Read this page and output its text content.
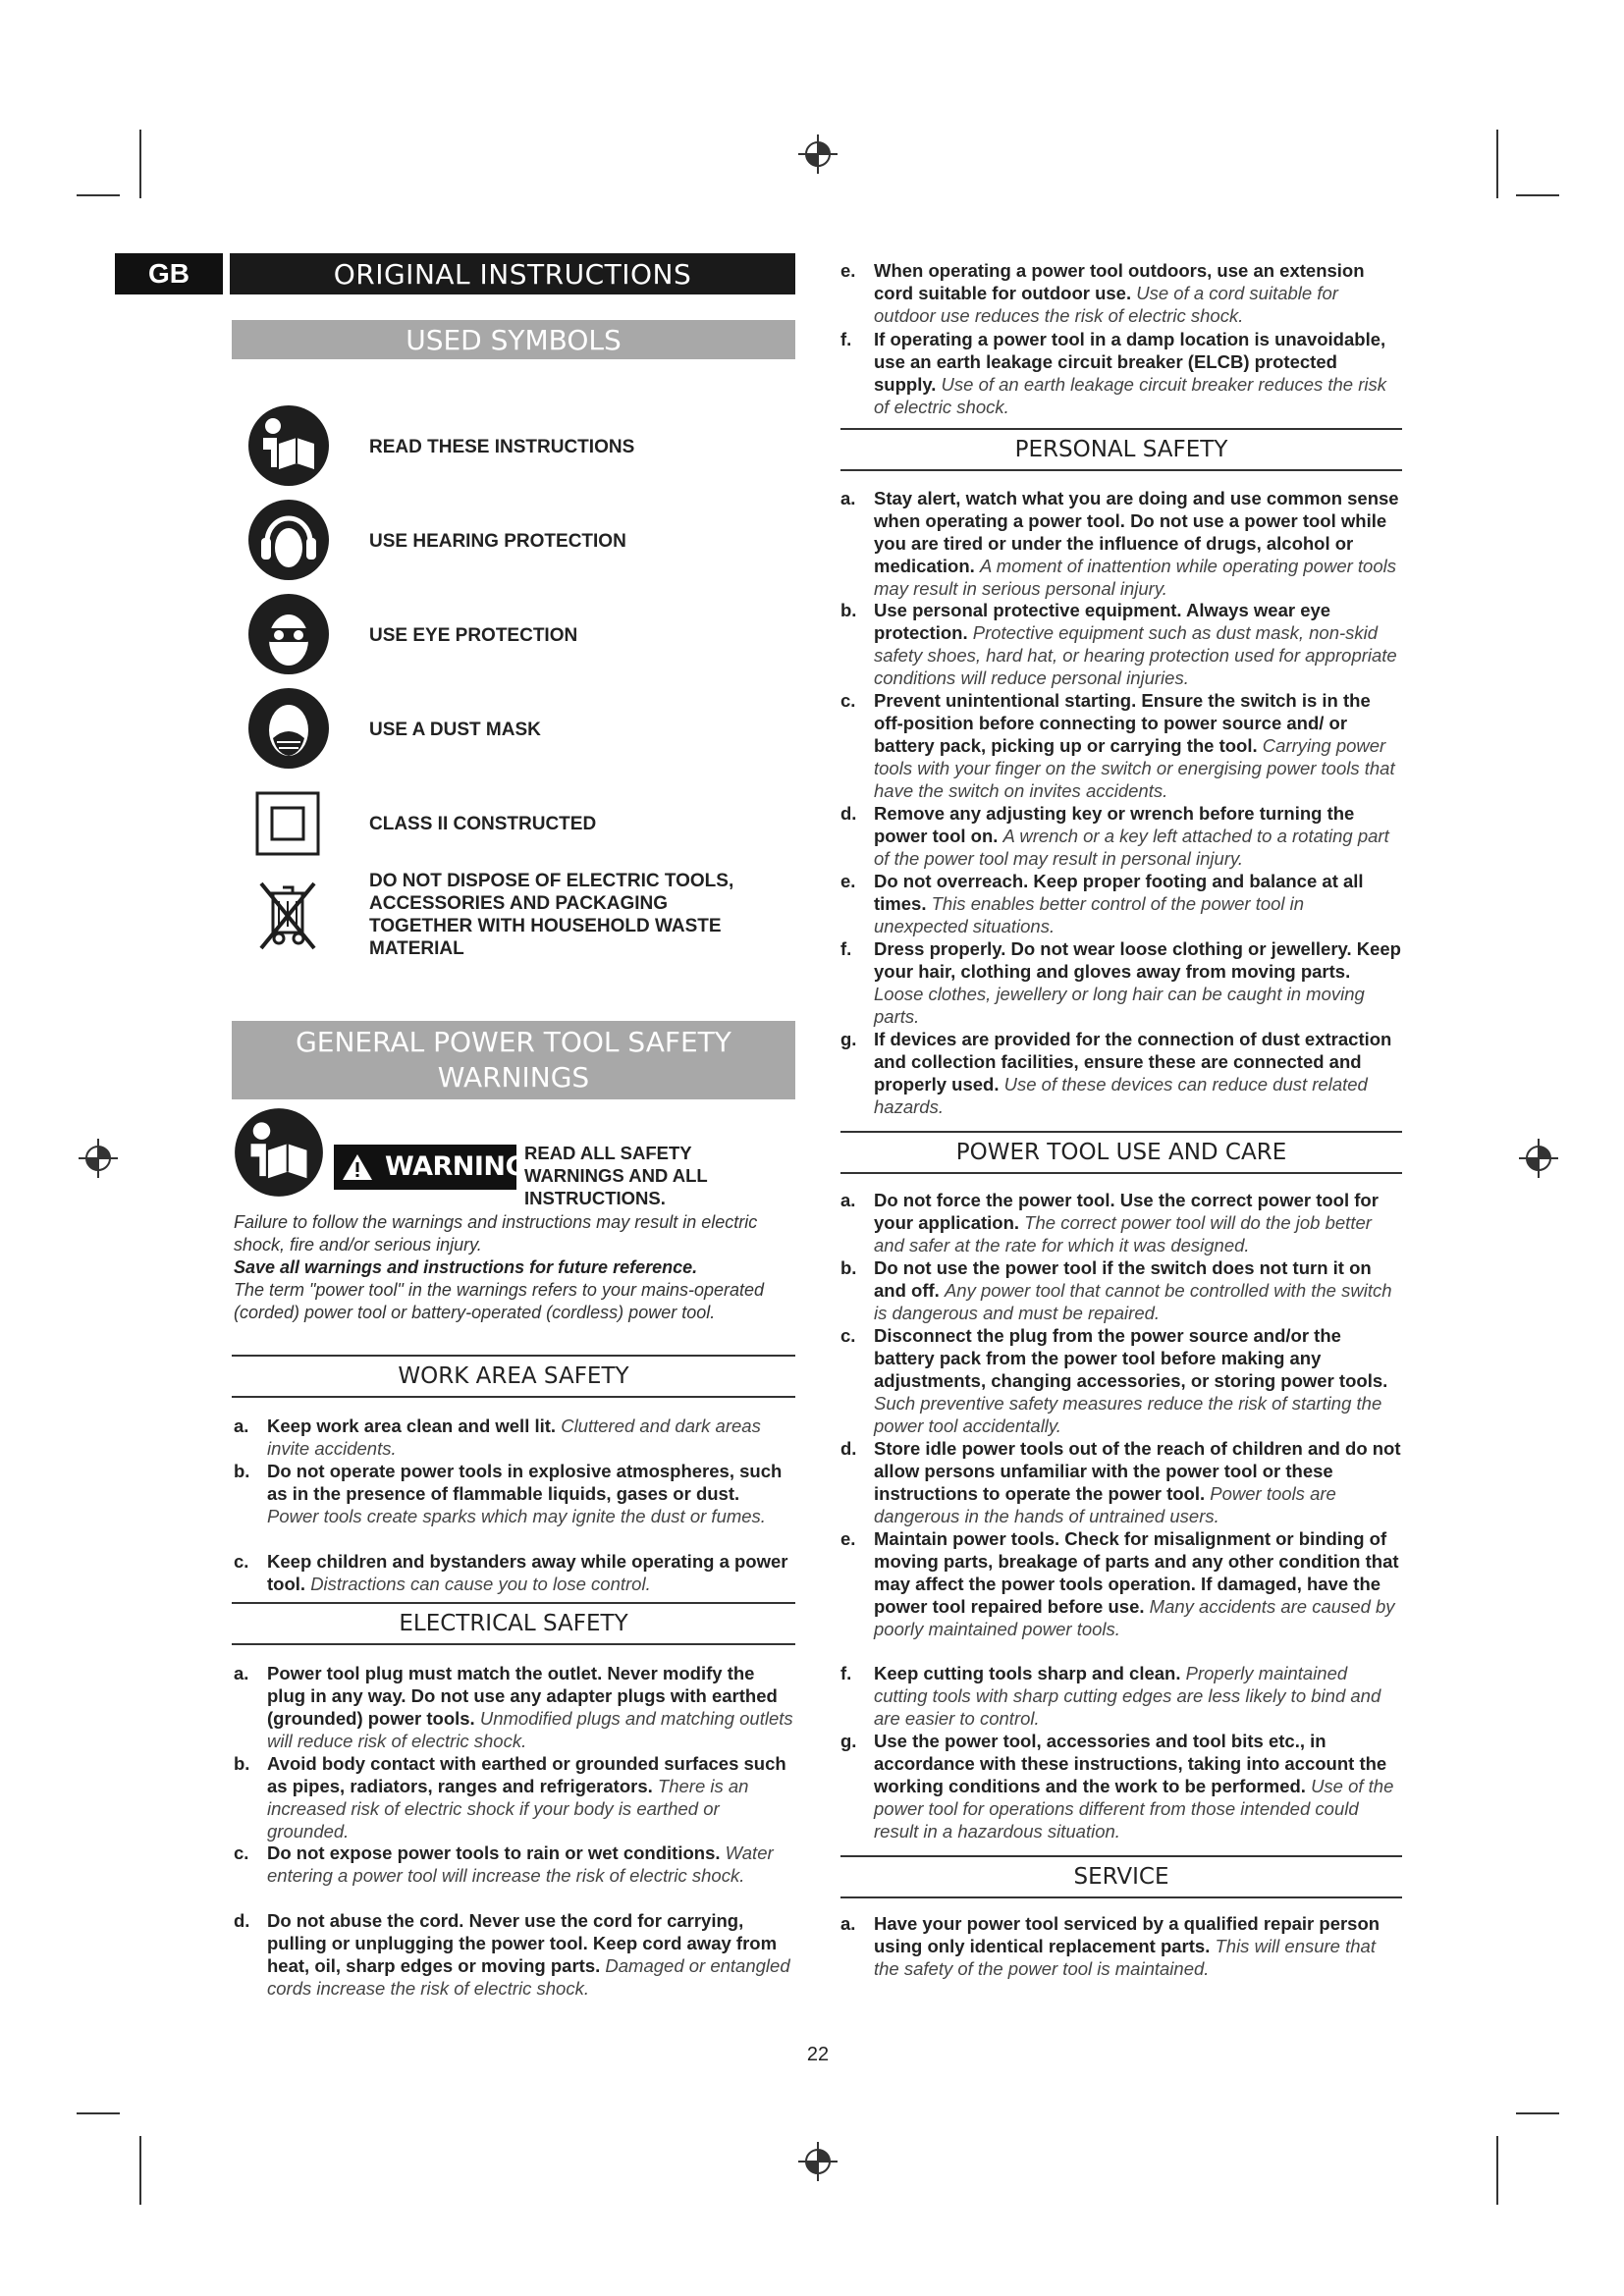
GB	ORIGINAL INSTRUCTIONS
USED SYMBOLS
READ THESE INSTRUCTIONS
USE HEARING PROTECTION
USE EYE PROTECTION
USE A DUST MASK
CLASS II CONSTRUCTED
DO NOT DISPOSE OF ELECTRIC TOOLS,
ACCESSORIES AND PACKAGING
TOGETHER WITH HOUSEHOLD WASTE
MATERIAL
GENERAL POWER TOOL SAFETY
WARNINGS
WARNING
READ ALL SAFETY
WARNINGS AND ALL
INSTRUCTIONS.
Failure to follow the warnings and instructions may result in electric shock, fire and/or serious injury.
Save all warnings and instructions for future reference.
The term "power tool" in the warnings refers to your mains-operated (corded) power tool or battery-operated (cordless) power tool.
WORK AREA SAFETY
a. Keep work area clean and well lit. Cluttered and dark areas invite accidents.
b. Do not operate power tools in explosive atmospheres, such as in the presence of flammable liquids, gases or dust. Power tools create sparks which may ignite the dust or fumes.
c. Keep children and bystanders away while operating a power tool. Distractions can cause you to lose control.
ELECTRICAL SAFETY
a. Power tool plug must match the outlet. Never modify the plug in any way. Do not use any adapter plugs with earthed (grounded) power tools. Unmodified plugs and matching outlets will reduce risk of electric shock.
b. Avoid body contact with earthed or grounded surfaces such as pipes, radiators, ranges and refrigerators. There is an increased risk of electric shock if your body is earthed or grounded.
c. Do not expose power tools to rain or wet conditions. Water entering a power tool will increase the risk of electric shock.
d. Do not abuse the cord. Never use the cord for carrying, pulling or unplugging the power tool. Keep cord away from heat, oil, sharp edges or moving parts. Damaged or entangled cords increase the risk of electric shock.
e. When operating a power tool outdoors, use an extension cord suitable for outdoor use. Use of a cord suitable for outdoor use reduces the risk of electric shock.
f. If operating a power tool in a damp location is unavoidable, use an earth leakage circuit breaker (ELCB) protected supply. Use of an earth leakage circuit breaker reduces the risk of electric shock.
PERSONAL SAFETY
a. Stay alert, watch what you are doing and use common sense when operating a power tool. Do not use a power tool while you are tired or under the influence of drugs, alcohol or medication. A moment of inattention while operating power tools may result in serious personal injury.
b. Use personal protective equipment. Always wear eye protection. Protective equipment such as dust mask, non-skid safety shoes, hard hat, or hearing protection used for appropriate conditions will reduce personal injuries.
c. Prevent unintentional starting. Ensure the switch is in the off-position before connecting to power source and/ or battery pack, picking up or carrying the tool. Carrying power tools with your finger on the switch or energising power tools that have the switch on invites accidents.
d. Remove any adjusting key or wrench before turning the power tool on. A wrench or a key left attached to a rotating part of the power tool may result in personal injury.
e. Do not overreach. Keep proper footing and balance at all times. This enables better control of the power tool in unexpected situations.
f. Dress properly. Do not wear loose clothing or jewellery. Keep your hair, clothing and gloves away from moving parts. Loose clothes, jewellery or long hair can be caught in moving parts.
g. If devices are provided for the connection of dust extraction and collection facilities, ensure these are connected and properly used. Use of these devices can reduce dust related hazards.
POWER TOOL USE AND CARE
a. Do not force the power tool. Use the correct power tool for your application. The correct power tool will do the job better and safer at the rate for which it was designed.
b. Do not use the power tool if the switch does not turn it on and off. Any power tool that cannot be controlled with the switch is dangerous and must be repaired.
c. Disconnect the plug from the power source and/or the battery pack from the power tool before making any adjustments, changing accessories, or storing power tools. Such preventive safety measures reduce the risk of starting the power tool accidentally.
d. Store idle power tools out of the reach of children and do not allow persons unfamiliar with the power tool or these instructions to operate the power tool. Power tools are dangerous in the hands of untrained users.
e. Maintain power tools. Check for misalignment or binding of moving parts, breakage of parts and any other condition that may affect the power tools operation. If damaged, have the power tool repaired before use. Many accidents are caused by poorly maintained power tools.
f. Keep cutting tools sharp and clean. Properly maintained cutting tools with sharp cutting edges are less likely to bind and are easier to control.
g. Use the power tool, accessories and tool bits etc., in accordance with these instructions, taking into account the working conditions and the work to be performed. Use of the power tool for operations different from those intended could result in a hazardous situation.
SERVICE
a. Have your power tool serviced by a qualified repair person using only identical replacement parts. This will ensure that the safety of the power tool is maintained.
22
